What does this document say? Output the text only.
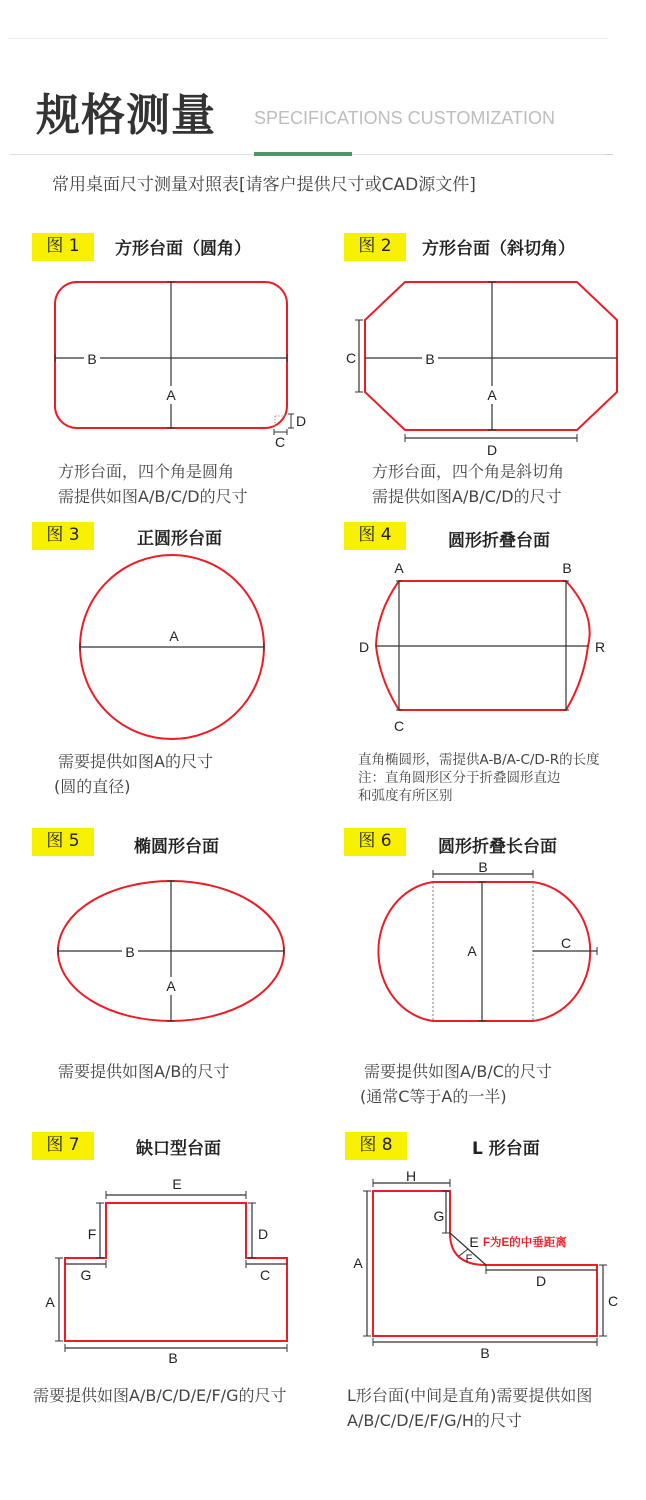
规格测量 SPECIFICATIONS CUSTOMIZATION
常用桌面尺寸测量对照表[请客户提供尺寸或CAD源文件]
图 1	方形台面（圆角）
B
A
D
C
方形台面，四个角是圆角
需提供如图A/B/C/D的尺寸
图 2	方形台面（斜切角）
C	B
A
D
方形台面，四个角是斜切角
需提供如图A/B/C/D的尺寸
图 3	正圆形台面
A
需要提供如图A的尺寸
(圆的直径)
图 4	圆形折叠台面
A	B
D	R
C
直角椭圆形，需提供A-B/A-C/D-R的长度
注：直角圆形区分于折叠圆形直边
和弧度有所区别
图 5	椭圆形台面
B
A
需要提供如图A/B的尺寸
图 6	圆形折叠长台面
B
A	C
需要提供如图A/B/C的尺寸
(通常C等于A的一半)
图 7	缺口型台面
E
F	D
G	C
A
B
图 8	L 形台面
H
G
E
F
F为E的中垂距离
D
C
A
B
需要提供如图A/B/C/D/E/F/G的尺寸	L形台面(中间是直角)需要提供如图
A/B/C/D/E/F/G/H的尺寸
